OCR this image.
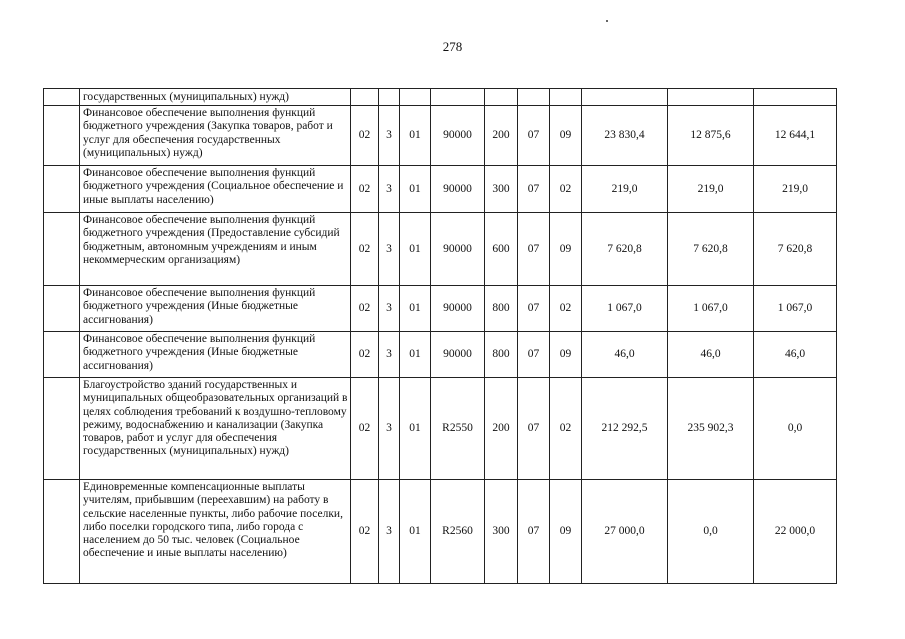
278
	государственных (муниципальных) нужд)										
	Финансовое обеспечение выполнения функций бюджетного учреждения (Закупка товаров, работ и услуг для обеспечения государственных (муниципальных) нужд)	02	3	01	90000	200	07	09	23 830,4	12 875,6	12 644,1
	Финансовое обеспечение выполнения функций бюджетного учреждения (Социальное обеспечение и иные выплаты населению)	02	3	01	90000	300	07	02	219,0	219,0	219,0
	Финансовое обеспечение выполнения функций бюджетного учреждения (Предоставление субсидий бюджетным, автономным учреждениям и иным некоммерческим организациям)	02	3	01	90000	600	07	09	7 620,8	7 620,8	7 620,8
	Финансовое обеспечение выполнения функций бюджетного учреждения (Иные бюджетные ассигнования)	02	3	01	90000	800	07	02	1 067,0	1 067,0	1 067,0
	Финансовое обеспечение выполнения функций бюджетного учреждения (Иные бюджетные ассигнования)	02	3	01	90000	800	07	09	46,0	46,0	46,0
	Благоустройство зданий государственных и муниципальных общеобразовательных организаций в целях соблюдения требований к воздушно-тепловому режиму, водоснабжению и канализации (Закупка товаров, работ и услуг для обеспечения государственных (муниципальных) нужд)	02	3	01	R2550	200	07	02	212 292,5	235 902,3	0,0
	Единовременные компенсационные выплаты учителям, прибывшим (переехавшим) на работу в сельские населенные пункты, либо рабочие поселки, либо поселки городского типа, либо города с населением до 50 тыс. человек (Социальное обеспечение и иные выплаты населению)	02	3	01	R2560	300	07	09	27 000,0	0,0	22 000,0
